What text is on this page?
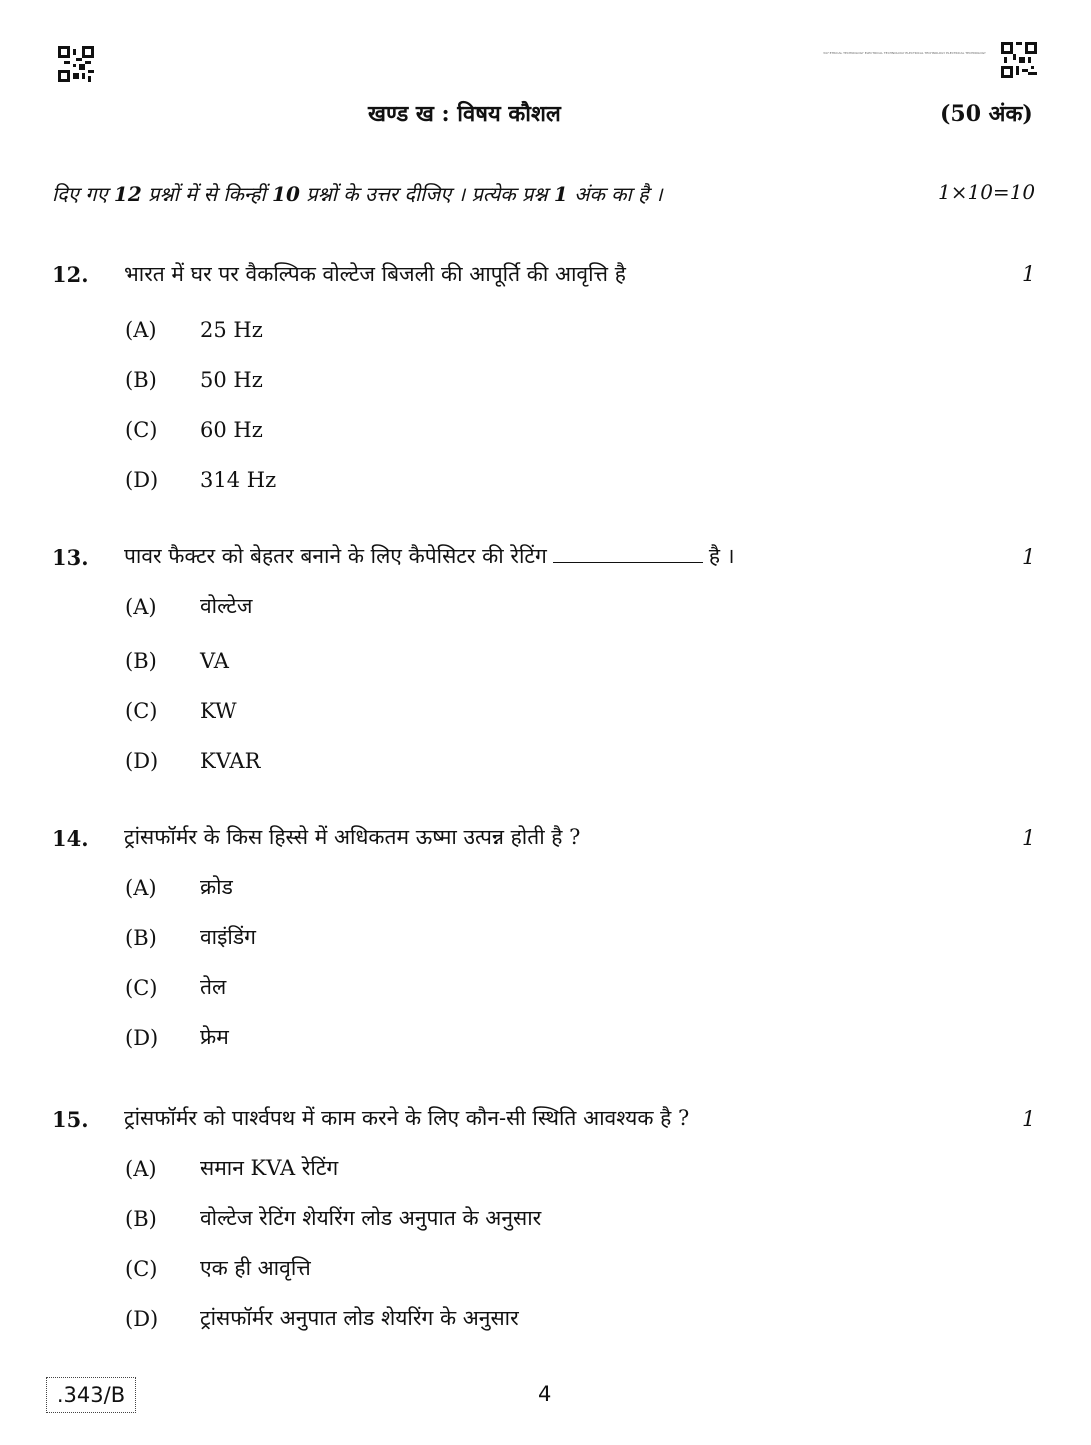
347 ETRICAL TECHNOLOGY ELECTRICAL TECHNOLOGY ELECTRICAL TECHNOLOGY ELECTRICAL TECHNOLOGY
खण्ड ख : विषय कौशल	(50 अंक)
दिए गए 12 प्रश्नों में से किन्हीं 10 प्रश्नों के उत्तर दीजिए । प्रत्येक प्रश्न 1 अंक का है ।	1×10=10
12. भारत में घर पर वैकल्पिक वोल्टेज बिजली की आपूर्ति की आवृत्ति है	1
(A) 25 Hz
(B) 50 Hz
(C) 60 Hz
(D) 314 Hz
13. पावर फैक्टर को बेहतर बनाने के लिए कैपेसिटर की रेटिंग	है ।	1
(A) वोल्टेज
(B) VA
(C) KW
(D) KVAR
14. ट्रांसफॉर्मर के किस हिस्से में अधिकतम ऊष्मा उत्पन्न होती है ?	1
(A) क्रोड
(B) वाइंडिंग
(C) तेल
(D) फ्रेम
15. ट्रांसफॉर्मर को पार्श्वपथ में काम करने के लिए कौन-सी स्थिति आवश्यक है ?	1
(A) समान KVA रेटिंग
(B) वोल्टेज रेटिंग शेयरिंग लोड अनुपात के अनुसार
(C) एक ही आवृत्ति
(D) ट्रांसफॉर्मर अनुपात लोड शेयरिंग के अनुसार
.343/B	4
